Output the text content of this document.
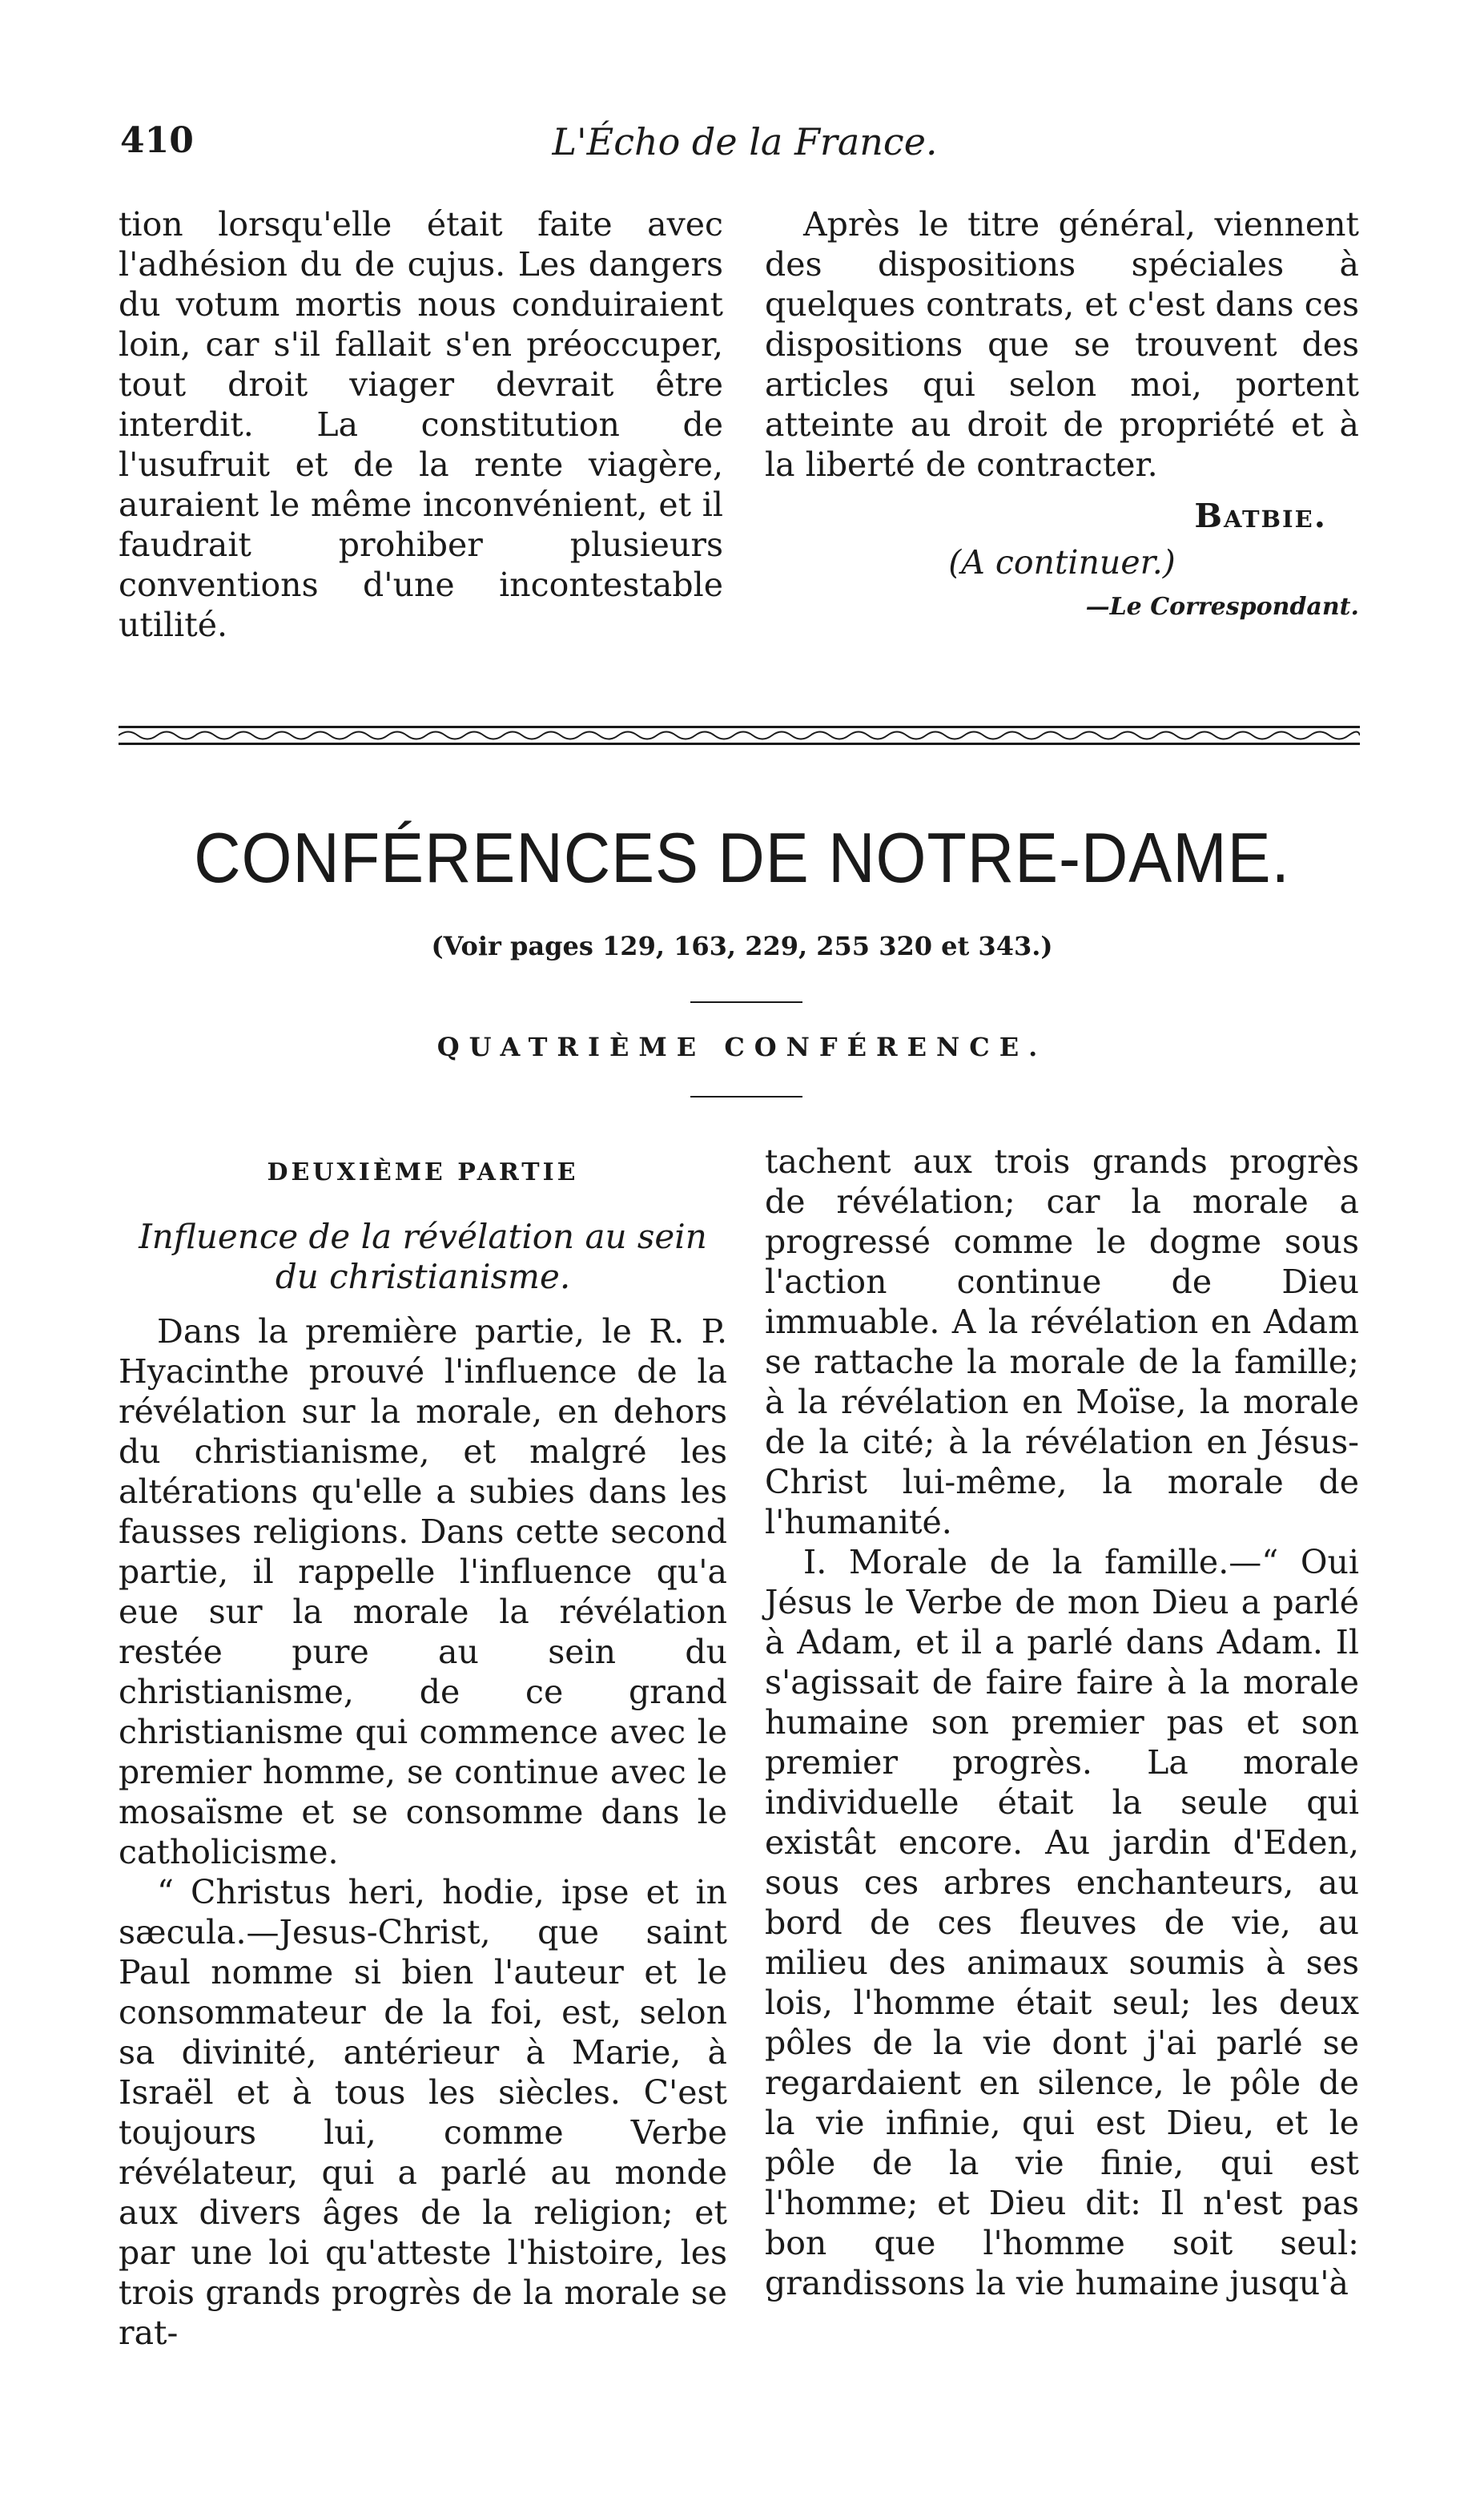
410	L'Écho de la France.

tion lorsqu'elle était faite avec l'adhésion du de cujus. Les dangers du votum mortis nous conduiraient loin, car s'il fallait s'en préoccuper, tout droit viager devrait être interdit. La constitution de l'usufruit et de la rente viagère, auraient le même inconvénient, et il faudrait prohiber plusieurs conventions d'une incontestable utilité.

Après le titre général, viennent des dispositions spéciales à quelques contrats, et c'est dans ces dispositions que se trouvent des articles qui selon moi, portent atteinte au droit de propriété et à la liberté de contracter.

Batbie.

(A continuer.)

—Le Correspondant.

CONFÉRENCES DE NOTRE-DAME.
(Voir pages 129, 163, 229, 255 320 et 343.)
QUATRIÈME CONFÉRENCE.

DEUXIÈME PARTIE

Influence de la révélation au sein du christianisme.

Dans la première partie, le R. P. Hyacinthe prouvé l'influence de la révélation sur la morale, en dehors du christianisme, et malgré les altérations qu'elle a subies dans les fausses religions. Dans cette second partie, il rappelle l'influence qu'a eue sur la morale la révélation restée pure au sein du christianisme, de ce grand christianisme qui commence avec le premier homme, se continue avec le mosaïsme et se consomme dans le catholicisme.

“ Christus heri, hodie, ipse et in sæcula.—Jesus-Christ, que saint Paul nomme si bien l'auteur et le consommateur de la foi, est, selon sa divinité, antérieur à Marie, à Israël et à tous les siècles. C'est toujours lui, comme Verbe révélateur, qui a parlé au monde aux divers âges de la religion; et par une loi qu'atteste l'histoire, les trois grands progrès de la morale se rat-

tachent aux trois grands progrès de révélation; car la morale a progressé comme le dogme sous l'action continue de Dieu immuable. A la révélation en Adam se rattache la morale de la famille; à la révélation en Moïse, la morale de la cité; à la révélation en Jésus-Christ lui-même, la morale de l'humanité.

I. Morale de la famille.—“ Oui Jésus le Verbe de mon Dieu a parlé à Adam, et il a parlé dans Adam. Il s'agissait de faire faire à la morale humaine son premier pas et son premier progrès. La morale individuelle était la seule qui existât encore. Au jardin d'Eden, sous ces arbres enchanteurs, au bord de ces fleuves de vie, au milieu des animaux soumis à ses lois, l'homme était seul; les deux pôles de la vie dont j'ai parlé se regardaient en silence, le pôle de la vie infinie, qui est Dieu, et le pôle de la vie finie, qui est l'homme; et Dieu dit: Il n'est pas bon que l'homme soit seul: grandissons la vie humaine jusqu'à
